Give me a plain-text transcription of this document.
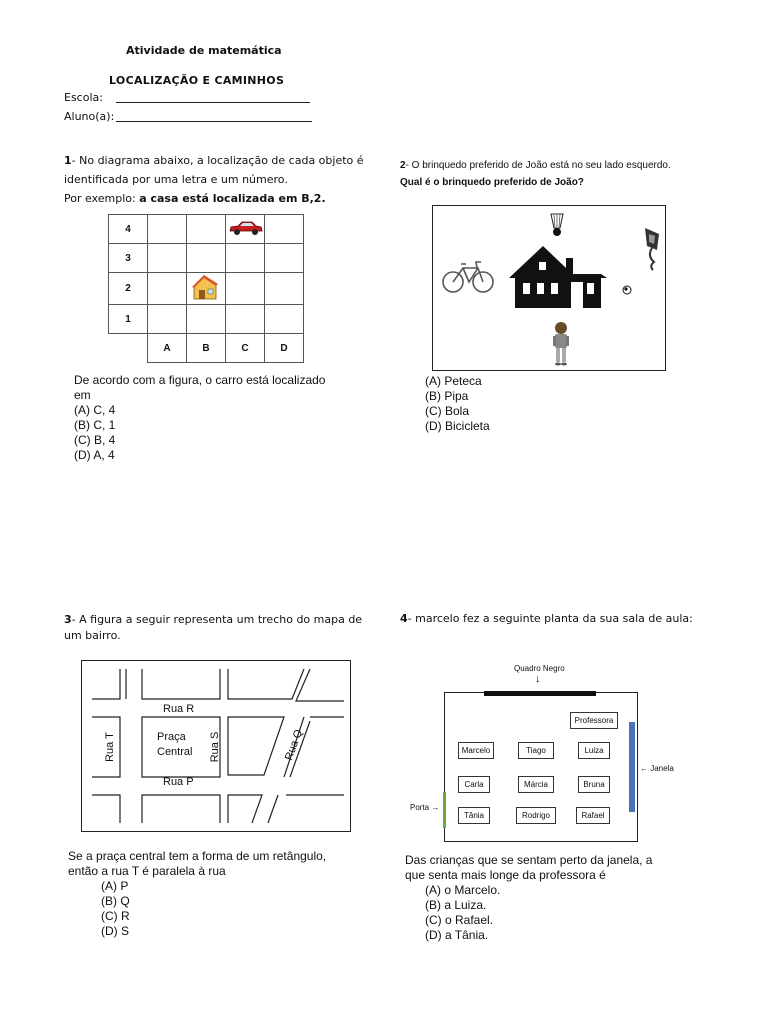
Atividade de matemática
LOCALIZAÇÃO E CAMINHOS
Escola:
Aluno(a):
1- No diagrama abaixo, a localização de cada objeto é
identificada por uma letra e um número.
Por exemplo: a casa está localizada em B,2.
4				
3				
2				
1				
	A	B	C	D
De acordo com a figura, o carro está localizado
em
(A) C, 4
(B) C, 1
(C) B, 4
(D) A, 4
2- O brinquedo preferido de João está no seu lado esquerdo.
Qual é o brinquedo preferido de João?
(A) Peteca
(B) Pipa
(C) Bola
(D) Bicicleta
3- A figura a seguir representa um trecho do mapa de
um bairro.
Rua R
Rua P
Praça
Central
Rua T	Rua S	Rua Q
Se a praça central tem a forma de um retângulo,
então a rua T é paralela à rua
(A) P
(B) Q
(C) R
(D) S
4- marcelo fez a seguinte planta da sua sala de aula:
Quadro Negro
↓
← Janela
Porta →
Professora
Marcelo	Tiago	Luiza
Carla	Márcia	Bruna
Tânia	Rodrigo	Rafael
Das crianças que se sentam perto da janela, a
que senta mais longe da professora é
(A) o Marcelo.
(B) a Luiza.
(C) o Rafael.
(D) a Tânia.
